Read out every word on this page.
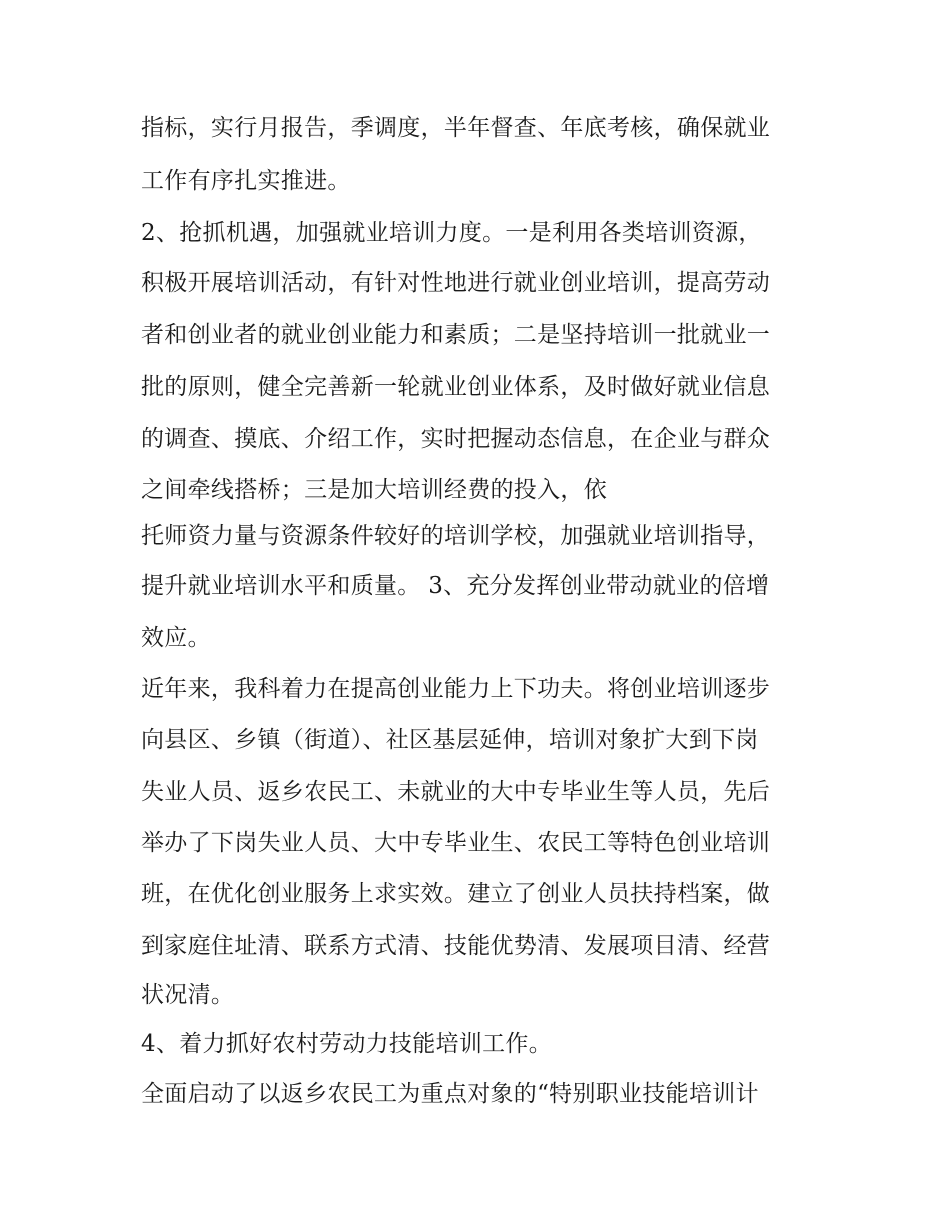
指标，实行月报告，季调度，半年督查、年底考核，确保就业

工作有序扎实推进。

2、抢抓机遇，加强就业培训力度。一是利用各类培训资源，

积极开展培训活动，有针对性地进行就业创业培训，提高劳动

者和创业者的就业创业能力和素质；二是坚持培训一批就业一

批的原则，健全完善新一轮就业创业体系，及时做好就业信息

的调查、摸底、介绍工作，实时把握动态信息，在企业与群众

之间牵线搭桥；三是加大培训经费的投入，依

托师资力量与资源条件较好的培训学校，加强就业培训指导，

提升就业培训水平和质量。 3、充分发挥创业带动就业的倍增

效应。

近年来，我科着力在提高创业能力上下功夫。将创业培训逐步

向县区、乡镇（街道）、社区基层延伸，培训对象扩大到下岗

失业人员、返乡农民工、未就业的大中专毕业生等人员，先后

举办了下岗失业人员、大中专毕业生、农民工等特色创业培训

班，在优化创业服务上求实效。建立了创业人员扶持档案，做

到家庭住址清、联系方式清、技能优势清、发展项目清、经营

状况清。

4、着力抓好农村劳动力技能培训工作。

全面启动了以返乡农民工为重点对象的“特别职业技能培训计
